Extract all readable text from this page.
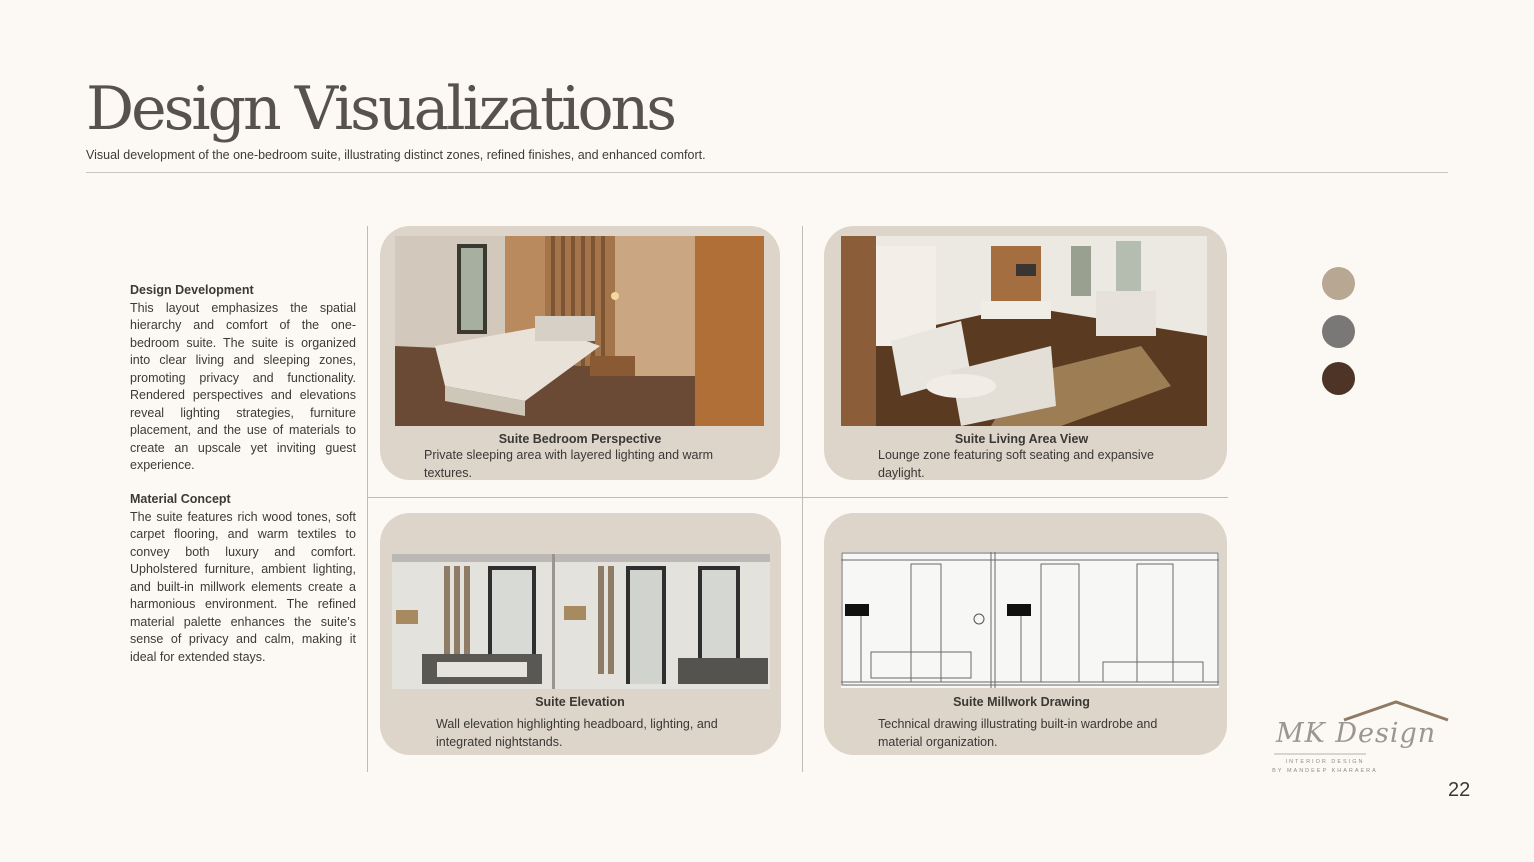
Design Visualizations
Visual development of the one-bedroom suite, illustrating distinct zones, refined finishes, and enhanced comfort.
Design Development

This layout emphasizes the spatial hierarchy and comfort of the one-bedroom suite. The suite is organized into clear living and sleeping zones, promoting privacy and functionality. Rendered perspectives and elevations reveal lighting strategies, furniture placement, and the use of materials to create an upscale yet inviting guest experience.

Material Concept

The suite features rich wood tones, soft carpet flooring, and warm textiles to convey both luxury and comfort. Upholstered furniture, ambient lighting, and built-in millwork elements create a harmonious environment. The refined material palette enhances the suite’s sense of privacy and calm, making it ideal for extended stays.

Suite Bedroom Perspective
Private sleeping area with layered lighting and warm textures.
Suite Living Area View
Lounge zone featuring soft seating and expansive daylight.
Suite Elevation
Wall elevation highlighting headboard, lighting, and integrated nightstands.
Suite Millwork Drawing
Technical drawing illustrating built-in wardrobe and material organization.	MK Design
INTERIOR DESIGN
BY MANDEEP KHARAERA
22
